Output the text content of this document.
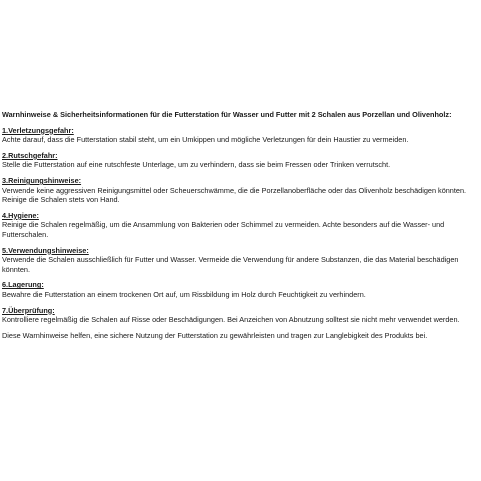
Warnhinweise & Sicherheitsinformationen für die Futterstation für Wasser und Futter mit 2 Schalen aus Porzellan und Olivenholz:

1.Verletzungsgefahr:
Achte darauf, dass die Futterstation stabil steht, um ein Umkippen und mögliche Verletzungen für dein Haustier zu vermeiden.
2.Rutschgefahr:
Stelle die Futterstation auf eine rutschfeste Unterlage, um zu verhindern, dass sie beim Fressen oder Trinken verrutscht.
3.Reinigungshinweise:
Verwende keine aggressiven Reinigungsmittel oder Scheuerschwämme, die die Porzellanoberfläche oder das Olivenholz beschädigen könnten. Reinige die Schalen stets von Hand.
4.Hygiene:
Reinige die Schalen regelmäßig, um die Ansammlung von Bakterien oder Schimmel zu vermeiden. Achte besonders auf die Wasser- und Futterschalen.
5.Verwendungshinweise:
Verwende die Schalen ausschließlich für Futter und Wasser. Vermeide die Verwendung für andere Substanzen, die das Material beschädigen könnten.
6.Lagerung:
Bewahre die Futterstation an einem trockenen Ort auf, um Rissbildung im Holz durch Feuchtigkeit zu verhindern.
7.Überprüfung:
Kontrolliere regelmäßig die Schalen auf Risse oder Beschädigungen. Bei Anzeichen von Abnutzung solltest sie nicht mehr verwendet werden.

Diese Warnhinweise helfen, eine sichere Nutzung der Futterstation zu gewährleisten und tragen zur Langlebigkeit des Produkts bei.
